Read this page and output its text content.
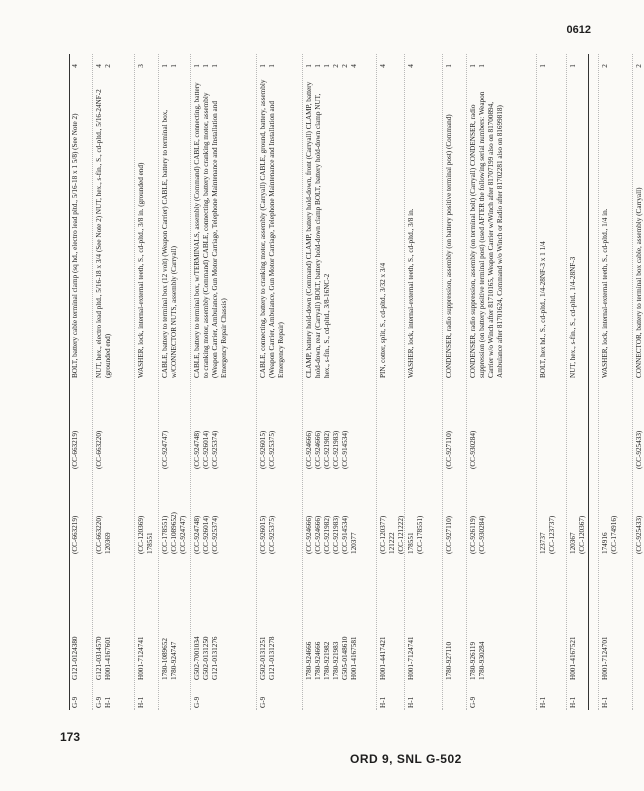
0612
G-9
G121-0124380
(CC-663219)
(CC-663219)
BOLT, battery cable terminal clamp (sq hd., electro lead pltd., 5/16-18 x 1 5/8) (See Note 2)
4
G-9
H-1
G121-0314570
H001-4167601
(CC-663220)
120369
(CC-663220)
NUT, hex., electro lead pltd., 5/16-18 x 3/4 (See Note 2) NUT, hex., s-fin., S., cd-pltd., 5/16-24NF-2 (grounded end)
4
2
H-1
H001-7124741
(CC-120369)
178551
WASHER, lock, internal-external teeth, S., cd-pltd., 3/8 in. (grounded end)
3
1780-1089652
1780-924747
(CC-178551)
(CC-1089652)
(CC-924747)
(CC-924747)
CABLE, battery to terminal box (12 volt) (Weapon Carrier) CABLE, battery to terminal box, w/CONNECTOR NUTS, assembly (Carryall)
1
1
G-9
G502-7001034
G502-0131250
G121-0131276
(CC-924748)
(CC-926014)
(CC-925374)
(CC-924748)
(CC-926014)
(CC-925374)
CABLE, battery to terminal box, w/TERMINALS, assembly (Command) CABLE, connecting, battery to cranking motor, assembly (Command) CABLE, connecting, battery to cranking motor, assembly (Weapon Carrier, Ambulance, Gun Motor Carriage, Telephone Maintenance and Installation and Emergency Repair Chassis)
1
1
1
G-9
G502-0131251
G121-0131278
(CC-926015)
(CC-925375)
(CC-926015)
(CC-925375)
CABLE, connecting, battery to cranking motor, assembly (Carryall) CABLE, ground, battery, assembly (Weapon Carrier, Ambulance, Gun Motor Carriage, Telephone Maintenance and Installation and Emergency Repair)
1
1
1780-924666
1780-924666
1780-921982
1780-921983
G505-0148610
H001-4167581
(CC-924666)
(CC-924666)
(CC-921982)
(CC-921983)
(CC-914534)
120377
(CC-924666)
(CC-924666)
(CC-921982)
(CC-921983)
(CC-914534)
CLAMP, battery hold-down (Command) CLAMP, battery hold-down, front (Carryall) CLAMP, battery hold-down, rear (Carryall) BOLT, battery hold-down clamp BOLT, battery hold-down clamp NUT, hex., s-fin., S., cd-pltd., 3/8-16NC-2
1
1
1
2
2
4
H-1
H001-4417421
(CC-120377)
121222
(CC-121222)
PIN, cotter, split, S., cd-pltd., 3/32 x 3/4
4
H-1
H001-7124741
178551
(CC-178551)
WASHER, lock, internal-external teeth, S., cd-pltd., 3/8 in.
4
1780-927110
(CC-927110)
(CC-927110)
CONDENSER, radio suppression, assembly (on battery positive terminal post) (Command)
1
G-9
1780-926119
1780-930284
(CC-926119)
(CC-930284)
(CC-930284)
CONDENSER, radio suppression, assembly (on terminal bolt) (Carryall) CONDENSER, radio suppression (on battery positive terminal post) (used AFTER the following serial numbers: Weapon Carrier w/o Winch after 81710165, Weapon Carrier w/Winch after 81707199 also on 81700894, Ambulance after 81701624, Command w/o Winch or Radio after 81702281 also on 81699818)
1
1
H-1
123737
(CC-123737)
BOLT, hex hd., S., cd-pltd., 1/4-28NF-3 x 1 1/4
1
H-1
H001-4167521
120367
(CC-120367)
NUT, hex., s-fin., S., cd-pltd., 1/4-28NF-3
1
H-1
H001-7124701
174916
(CC-174916)
WASHER, lock, internal-external teeth, S., cd-pltd., 1/4 in.
2
(CC-925433)
(CC-925433)
CONNECTOR, battery to terminal box cable, assembly (Carryall)
2
173
ORD 9, SNL G-502
